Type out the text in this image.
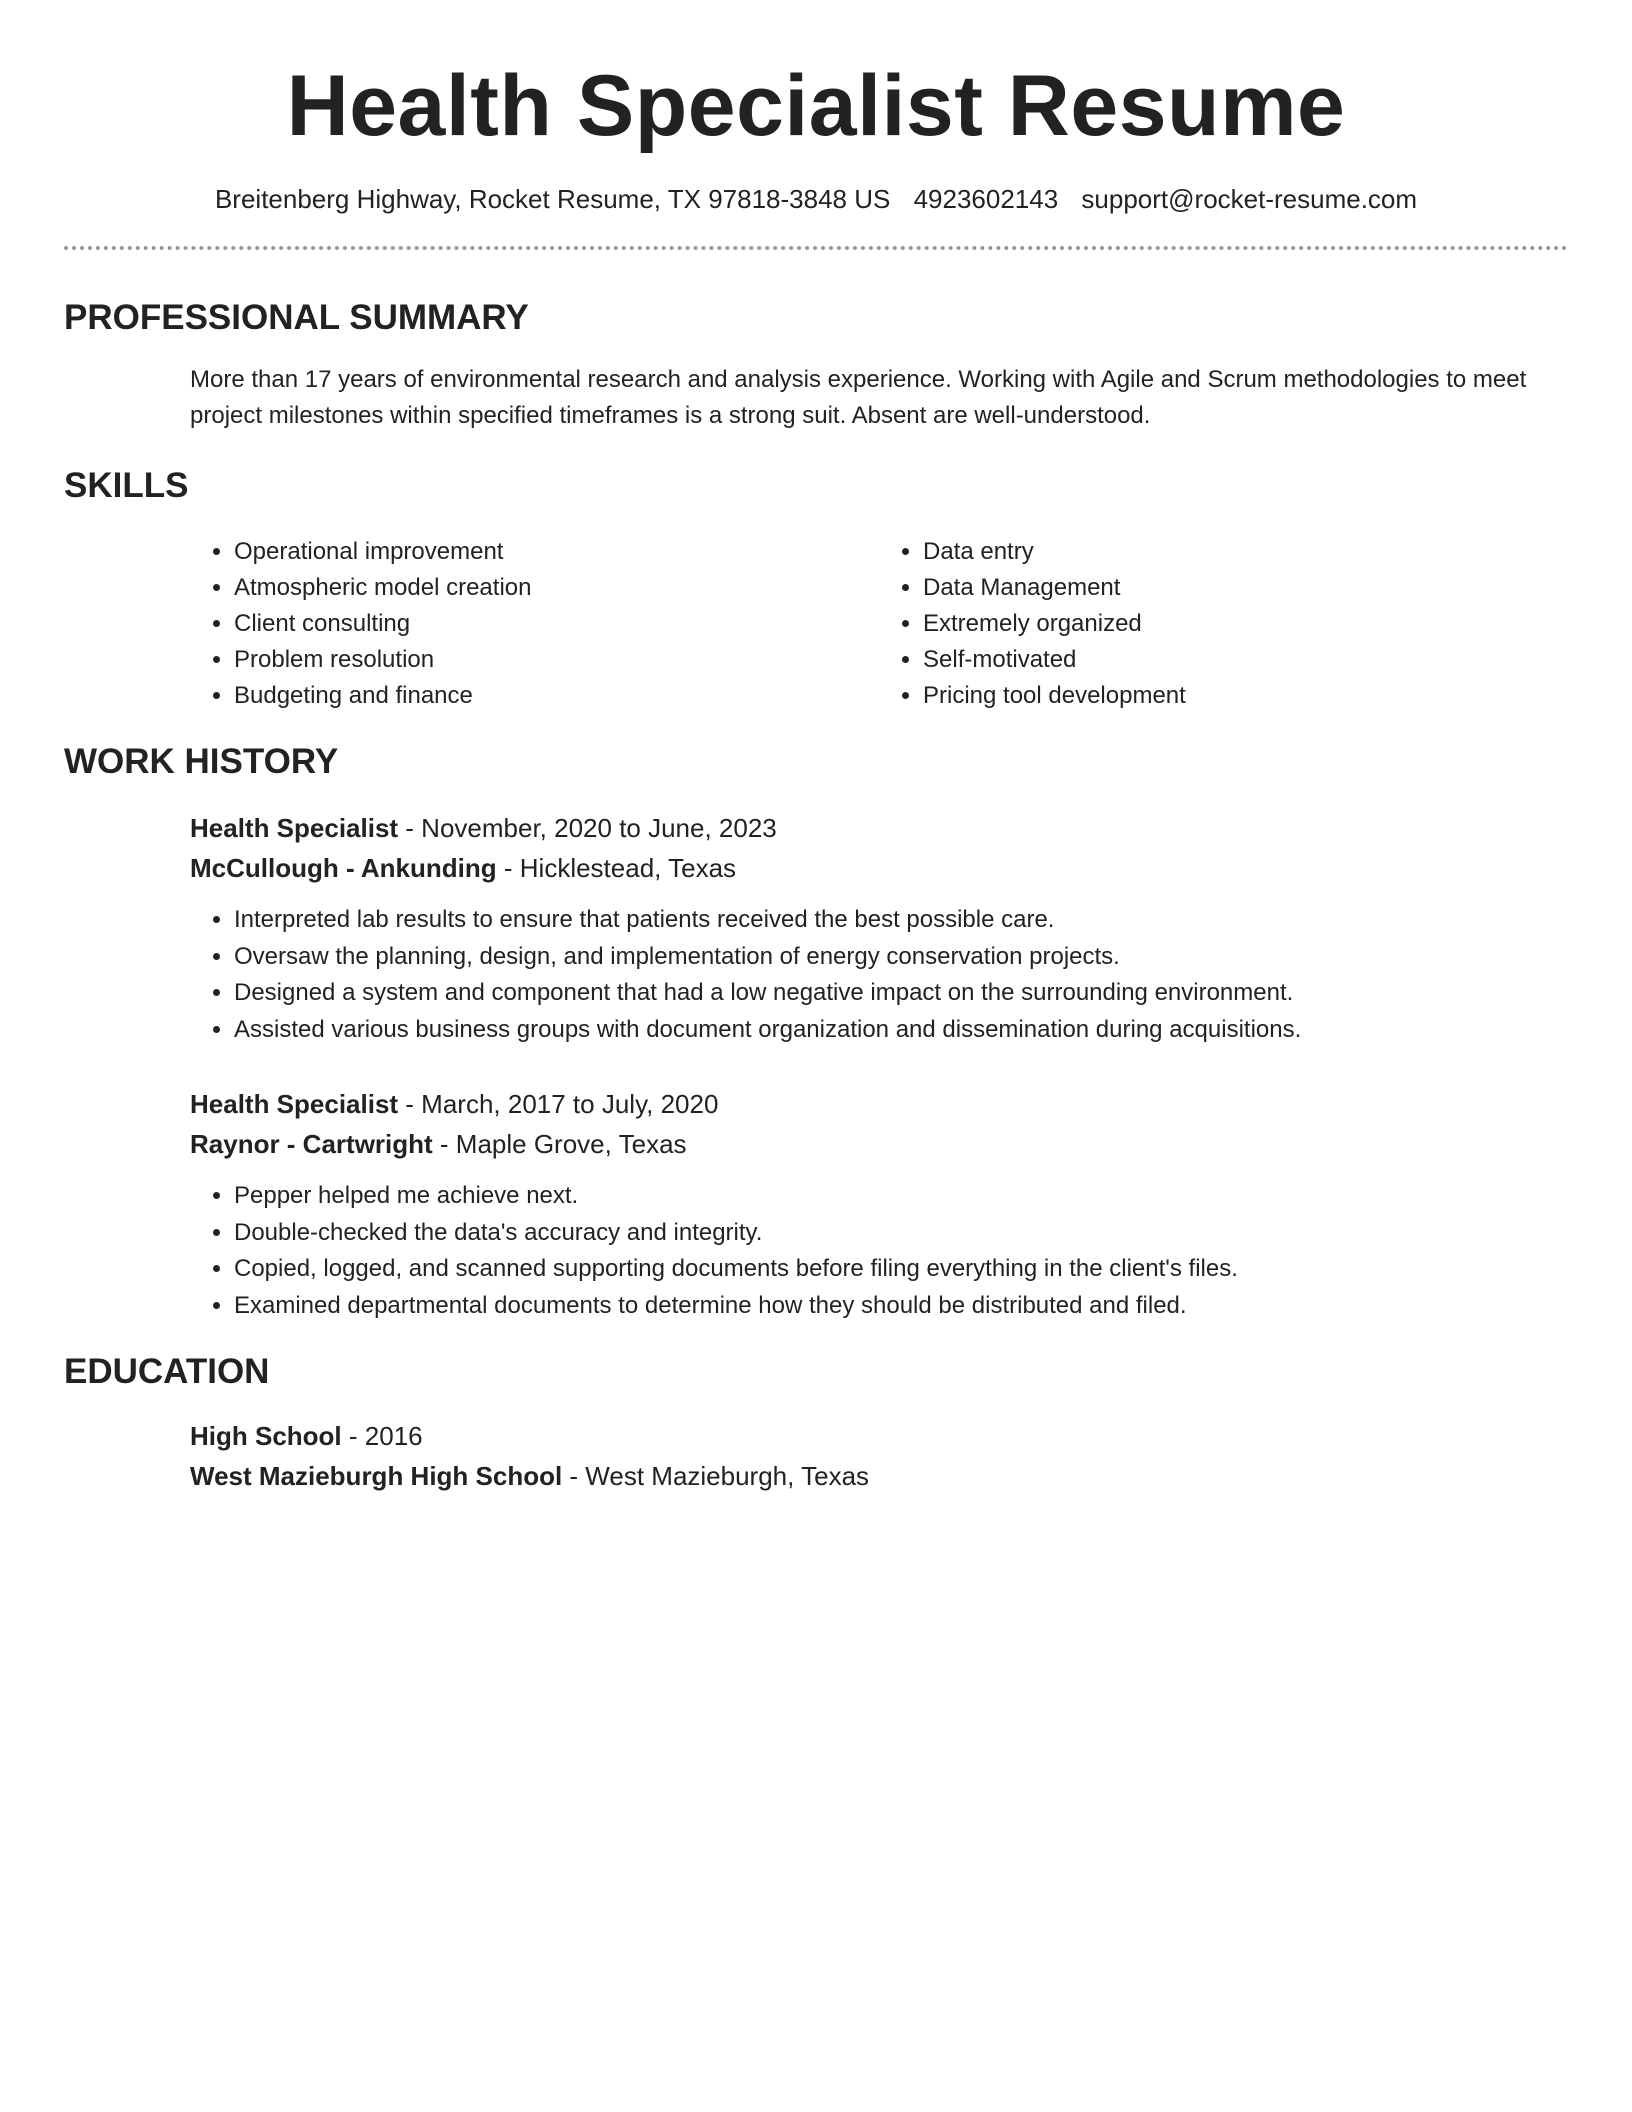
Health Specialist Resume
Breitenberg Highway, Rocket Resume, TX 97818-3848 US 4923602143 support@rocket-resume.com
PROFESSIONAL SUMMARY

More than 17 years of environmental research and analysis experience. Working with Agile and Scrum methodologies to meet project milestones within specified timeframes is a strong suit. Absent are well-understood.

SKILLS
• Operational improvement
• Atmospheric model creation
• Client consulting
• Problem resolution
• Budgeting and finance
• Data entry
• Data Management
• Extremely organized
• Self-motivated
• Pricing tool development
WORK HISTORY
Health Specialist - November, 2020 to June, 2023
McCullough - Ankunding - Hicklestead, Texas
• Interpreted lab results to ensure that patients received the best possible care.
• Oversaw the planning, design, and implementation of energy conservation projects.
• Designed a system and component that had a low negative impact on the surrounding environment.
• Assisted various business groups with document organization and dissemination during acquisitions.
Health Specialist - March, 2017 to July, 2020
Raynor - Cartwright - Maple Grove, Texas
• Pepper helped me achieve next.
• Double-checked the data's accuracy and integrity.
• Copied, logged, and scanned supporting documents before filing everything in the client's files.
• Examined departmental documents to determine how they should be distributed and filed.
EDUCATION
High School - 2016
West Mazieburgh High School - West Mazieburgh, Texas
